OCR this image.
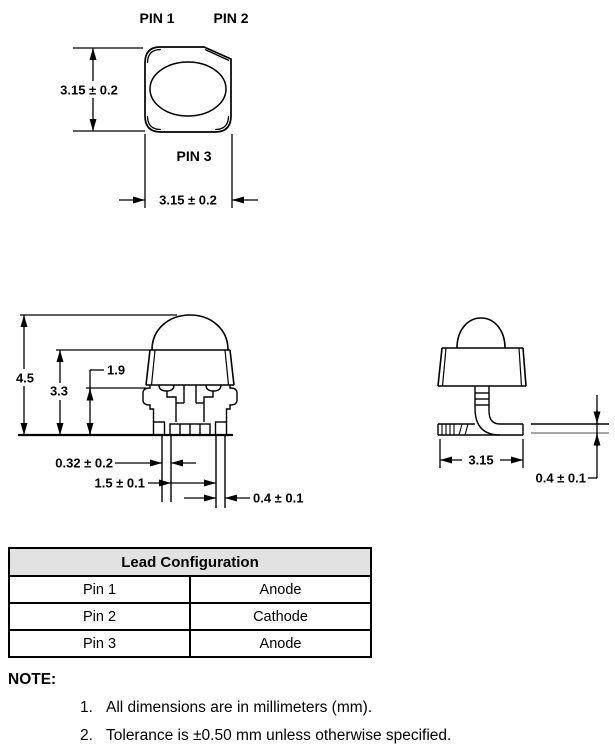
PIN 1	PIN 2
3.15 ± 0.2
PIN 3
3.15 ± 0.2
4.5
3.3
1.9
0.32 ± 0.2
1.5 ± 0.1
0.4 ± 0.1
3.15
0.4 ± 0.1
Lead Configuration	
Pin 1	Anode
Pin 2	Cathode
Pin 3	Anode
NOTE:
1. All dimensions are in millimeters (mm).
2. Tolerance is ±0.50 mm unless otherwise specified.
